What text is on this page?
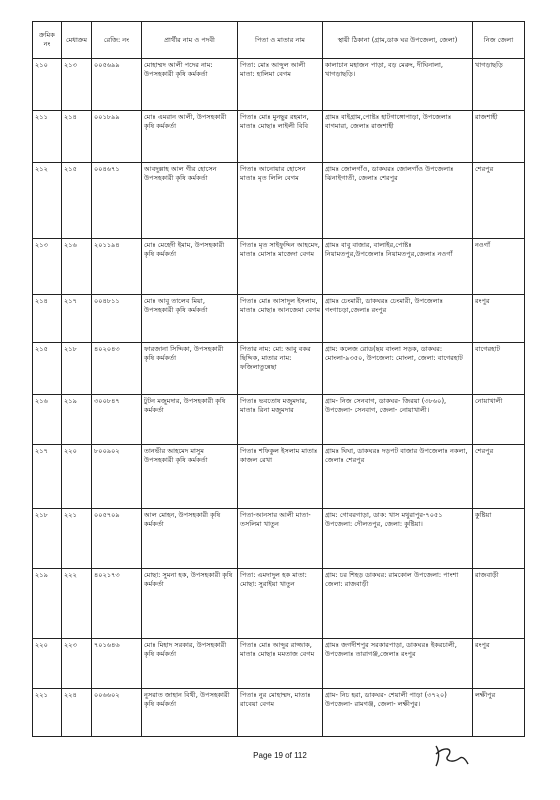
ক্রমিক নং	মেধাক্রম	রেজি: নং	প্রার্থীর নাম ও পদবী	পিতা ও মাতার নাম	স্থায়ী ঠিকানা (গ্রাম,ডাক ঘর উপজেলা, জেলা)	নিজ জেলা
২১০	২১৩	০০৫৬৯৯	মোহাম্মদ আলী পদের নাম: উপসহকারী কৃষি কর্মকর্তা	পিতা: মোঃ আব্দুল আলী মাতা: হালিমা বেগম	কালাচান মহাজন পাড়া, বড় মেরুং, দীঘিনালা, খাগড়াছড়ি।	খাগড়াছড়ি
২১১	২১৪	০০১৮৯৯	মোঃ এমরান আলী, উপসহকারী কৃষি কর্মকর্তা	পিতাঃ মোঃ মুনছুর রহমান, মাতাঃ মোছাঃ লাইলী বিবি	গ্রামঃ বাইগ্রাম,পোষ্টঃ হাটগাঙ্গোপাড়া, উপজেলাঃ বাগমারা, জেলাঃ রাজশাহী	রাজশাহী
২১২	২১৫	০০৪৬৭১	আবদুল্লাহ আল গীর হোসেন উপসহকারী কৃষি কর্মকর্তা	পিতাঃ আনোয়ার হোসেন মাতাঃ মৃত লিলি বেগম	গ্রামঃ জোলগাঁও, ডাকঘরঃ জোলগাঁও উপজেলাঃ ঝিনাইগাতী, জেলাঃ শেরপুর	শেরপুর
২১৩	২১৬	২০১১৯৪	মোঃ মেহেদী ইমাম, উপসহকারী কৃষি কর্মকর্তা	পিতাঃ মৃত সাইফুদ্দিন আহমেদ, মাতাঃ মোসাঃ মাজেদা বেগম	গ্রামঃ বাবু বাজার, বালাইর,পোষ্টঃ নিয়ামতপুর,উপজেলাঃ নিয়ামতপুর,জেলাঃ নওগাঁ	নওগাঁ
২১৪	২১৭	০০৪৮১১	মোঃ আবু তালেব মিয়া, উপসহকারী কৃষি কর্মকর্তা	পিতাঃ মোঃ আসাদুল ইসলাম, মাতাঃ মোছাঃ আনজেমা বেগম	গ্রামঃ চেংমারী, ডাকঘরঃ চেংমারী, উপজেলাঃ গংগাচড়া,জেলাঃ রংপুর	রংপুর
২১৫	২১৮	৪০২০৪৩	ফারজানা সিদ্দিকা, উপসহকারী কৃষি কর্মকর্তা	পিতার নাম: মো: আবু বকর ছিদ্দিক, মাতার নাম: ফজিলাতুন্নেছা	গ্রাম: কলেজ রোড(ছয় বাংলা সড়ক, ডাকঘর: মোংলা-৯৩৫০, উপজেলা: মোংলা, জেলা: বাগেরহাট	বাগেরহাট
২১৬	২১৯	৩০০৮৪৭	টুটন মজুমদার, উপসহকারী কৃষি কর্মকর্তা	পিতাঃ ভবতোষ মজুমদার, মাতাঃ রিনা মজুমদার	গ্রাম- নিজ সেনবাগ, ডাকঘর- জিরয়া (৩৮৬০), উপজেলা- সেনবাগ, জেলা- নোয়াখালী।	নোয়াখালী
২১৭	২২০	৮০০৯০২	তানভীর আহমেদ মাসুম উপসহকারী কৃষি কর্মকর্তা	পিতাঃ শফিকুল ইসলাম মাতাঃ কাজল রেখা	গ্রামঃ ঘিঘা, ডাকঘরঃ দড়পট বাজার উপজেলাঃ নকলা, জেলাঃ শেরপুর	শেরপুর
২১৮	২২১	০০৫৭০৯	আল মোহন, উপসহকারী কৃষি কর্মকর্তা	পিতা-আনসার আলী মাতা-তসলিমা খাতুন	গ্রাম: গোবরগাড়া, ডাক: খাস মথুরাপুর-৭০৫১ উপজেলা: দৌলতপুর, জেলা: কুষ্টিয়া।	কুষ্টিয়া
২১৯	২২২	৪০২১৭৩	মোছা: সুমনা হক, উপসহকারী কৃষি কর্মকর্তা	পিতা: এমদাদুল হক মাতা: মোছা: সুরাইয়া খাতুন	গ্রাম: চর শিহড় ডাকঘর: রামকোল উপজেলা: পাংশা জেলা: রাজবাড়ী	রাজবাড়ী
২২০	২২৩	৭০১৬৪৬	মোঃ মিহাদ সরকার, উপসহকারী কৃষি কর্মকর্তা	পিতাঃ মোঃ আব্দুর রাজ্জাক, মাতাঃ মোছাঃ মমতাজ বেগম	গ্রামঃ জগদীশপুর সরকারপাড়া, ডাকঘরঃ ইকরচালী, উপজেলাঃ তারাগঞ্জ,জেলাঃ রংপুর	রংপুর
২২১	২২৪	০০৬৬০২	নুসরাত জাহান বিথী, উপসহকারী কৃষি কর্মকর্তা	পিতাঃ নুর মোহাম্মদ, মাতাঃ রাবেয়া বেগম	গ্রাম- নিচ হরা, ডাকঘর- শেয়ালী পাড়া (৩৭২০) উপজেলা- রামগঞ্জ, জেলা- লক্ষীপুর।	লক্ষীপুর
Page 19 of 112
